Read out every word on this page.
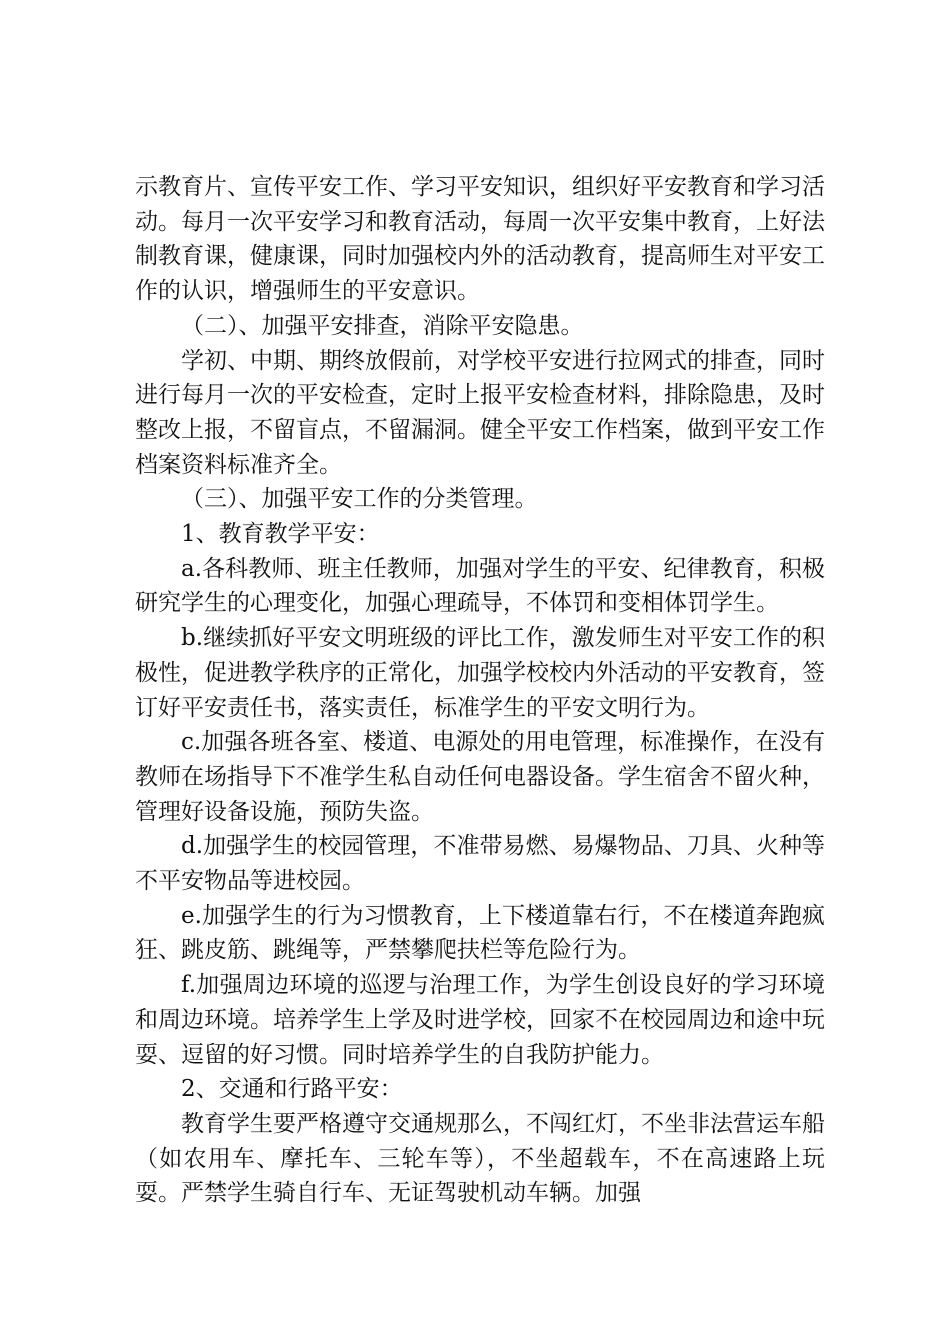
示教育片、宣传平安工作、学习平安知识，组织好平安教育和学习活动。每月一次平安学习和教育活动，每周一次平安集中教育，上好法制教育课，健康课，同时加强校内外的活动教育，提高师生对平安工作的认识，增强师生的平安意识。

（二）、加强平安排查，消除平安隐患。

学初、中期、期终放假前，对学校平安进行拉网式的排查，同时进行每月一次的平安检查，定时上报平安检查材料，排除隐患，及时整改上报，不留盲点，不留漏洞。健全平安工作档案，做到平安工作档案资料标准齐全。

（三）、加强平安工作的分类管理。

1、教育教学平安：

a.各科教师、班主任教师，加强对学生的平安、纪律教育，积极研究学生的心理变化，加强心理疏导，不体罚和变相体罚学生。

b.继续抓好平安文明班级的评比工作，激发师生对平安工作的积极性，促进教学秩序的正常化，加强学校校内外活动的平安教育，签订好平安责任书，落实责任，标准学生的平安文明行为。

c.加强各班各室、楼道、电源处的用电管理，标准操作，在没有教师在场指导下不准学生私自动任何电器设备。学生宿舍不留火种，管理好设备设施，预防失盗。

d.加强学生的校园管理，不准带易燃、易爆物品、刀具、火种等不平安物品等进校园。

e.加强学生的行为习惯教育，上下楼道靠右行，不在楼道奔跑疯狂、跳皮筋、跳绳等，严禁攀爬扶栏等危险行为。

f.加强周边环境的巡逻与治理工作，为学生创设良好的学习环境和周边环境。培养学生上学及时进学校，回家不在校园周边和途中玩耍、逗留的好习惯。同时培养学生的自我防护能力。

2、交通和行路平安：

教育学生要严格遵守交通规那么，不闯红灯，不坐非法营运车船（如农用车、摩托车、三轮车等），不坐超载车，不在高速路上玩耍。严禁学生骑自行车、无证驾驶机动车辆。加强
